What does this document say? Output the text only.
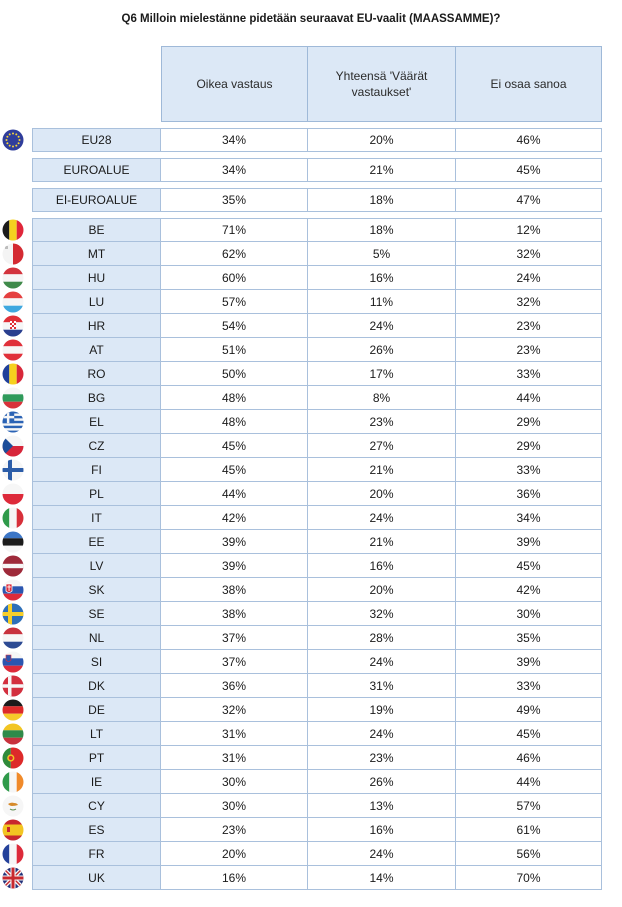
Q6 Milloin mielestänne pidetään seuraavat EU-vaalit (MAASSAMME)?
Oikea vastaus
Yhteensä 'Väärät vastaukset'
Ei osaa sanoa
EU28	34%	20%	46%
EUROALUE	34%	21%	45%
EI-EUROALUE	35%	18%	47%
BE	71%	18%	12%
MT	62%	5%	32%
HU	60%	16%	24%
LU	57%	11%	32%
HR	54%	24%	23%
AT	51%	26%	23%
RO	50%	17%	33%
BG	48%	8%	44%
EL	48%	23%	29%
CZ	45%	27%	29%
FI	45%	21%	33%
PL	44%	20%	36%
IT	42%	24%	34%
EE	39%	21%	39%
LV	39%	16%	45%
SK	38%	20%	42%
SE	38%	32%	30%
NL	37%	28%	35%
SI	37%	24%	39%
DK	36%	31%	33%
DE	32%	19%	49%
LT	31%	24%	45%
PT	31%	23%	46%
IE	30%	26%	44%
CY	30%	13%	57%
ES	23%	16%	61%
FR	20%	24%	56%
UK	16%	14%	70%
